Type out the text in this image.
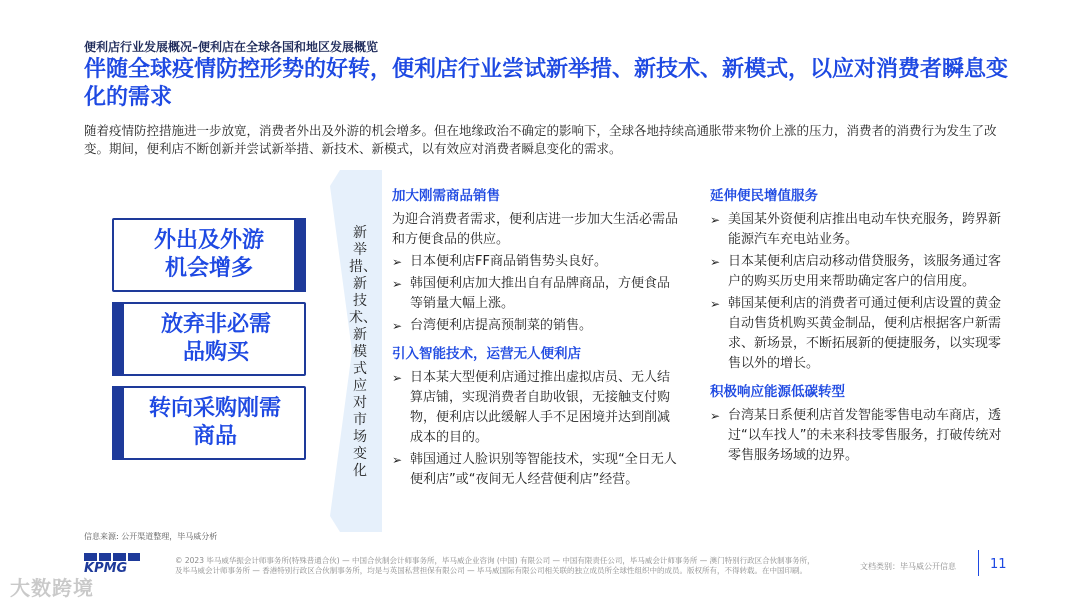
便利店行业发展概况–便利店在全球各国和地区发展概览
伴随全球疫情防控形势的好转，便利店行业尝试新举措、新技术、新模式，以应对消费者瞬息变化的需求
随着疫情防控措施进一步放宽，消费者外出及外游的机会增多。但在地缘政治不确定的影响下，全球各地持续高通胀带来物价上涨的压力，消费者的消费行为发生了改变。期间，便利店不断创新并尝试新举措、新技术、新模式，以有效应对消费者瞬息变化的需求。
外出及外游
机会增多
放弃非必需
品购买
转向采购刚需
商品
新举措、新技术、新模式应对市场变化
加大刚需商品销售
为迎合消费者需求，便利店进一步加大生活必需品和方便食品的供应。
➢ 日本便利店FF商品销售势头良好。
➢ 韩国便利店加大推出自有品牌商品，方便食品等销量大幅上涨。
➢ 台湾便利店提高预制菜的销售。
引入智能技术，运营无人便利店
➢ 日本某大型便利店通过推出虚拟店员、无人结算店铺，实现消费者自助收银，无接触支付购物，便利店以此缓解人手不足困境并达到削减成本的目的。
➢ 韩国通过人脸识别等智能技术，实现“全日无人便利店”或“夜间无人经营便利店”经营。
延伸便民增值服务
➢ 美国某外资便利店推出电动车快充服务，跨界新能源汽车充电站业务。
➢ 日本某便利店启动移动借贷服务，该服务通过客户的购买历史用来帮助确定客户的信用度。
➢ 韩国某便利店的消费者可通过便利店设置的黄金自动售货机购买黄金制品，便利店根据客户新需求、新场景，不断拓展新的便捷服务，以实现零售以外的增长。
积极响应能源低碳转型
➢ 台湾某日系便利店首发智能零售电动车商店，透过“以车找人”的未来科技零售服务，打破传统对零售服务场域的边界。
信息来源: 公开渠道整理，毕马威分析
KPMG
© 2023 毕马威华振会计师事务所(特殊普通合伙) — 中国合伙制会计师事务所，毕马威企业咨询 (中国) 有限公司 — 中国有限责任公司，毕马威会计师事务所 — 澳门特别行政区合伙制事务所，及毕马威会计师事务所 — 香港特别行政区合伙制事务所，均是与英国私营担保有限公司 — 毕马威国际有限公司相关联的独立成员所全球性组织中的成员。版权所有，不得转载。在中国印刷。	文档类别：毕马威公开信息	11
大数跨境
